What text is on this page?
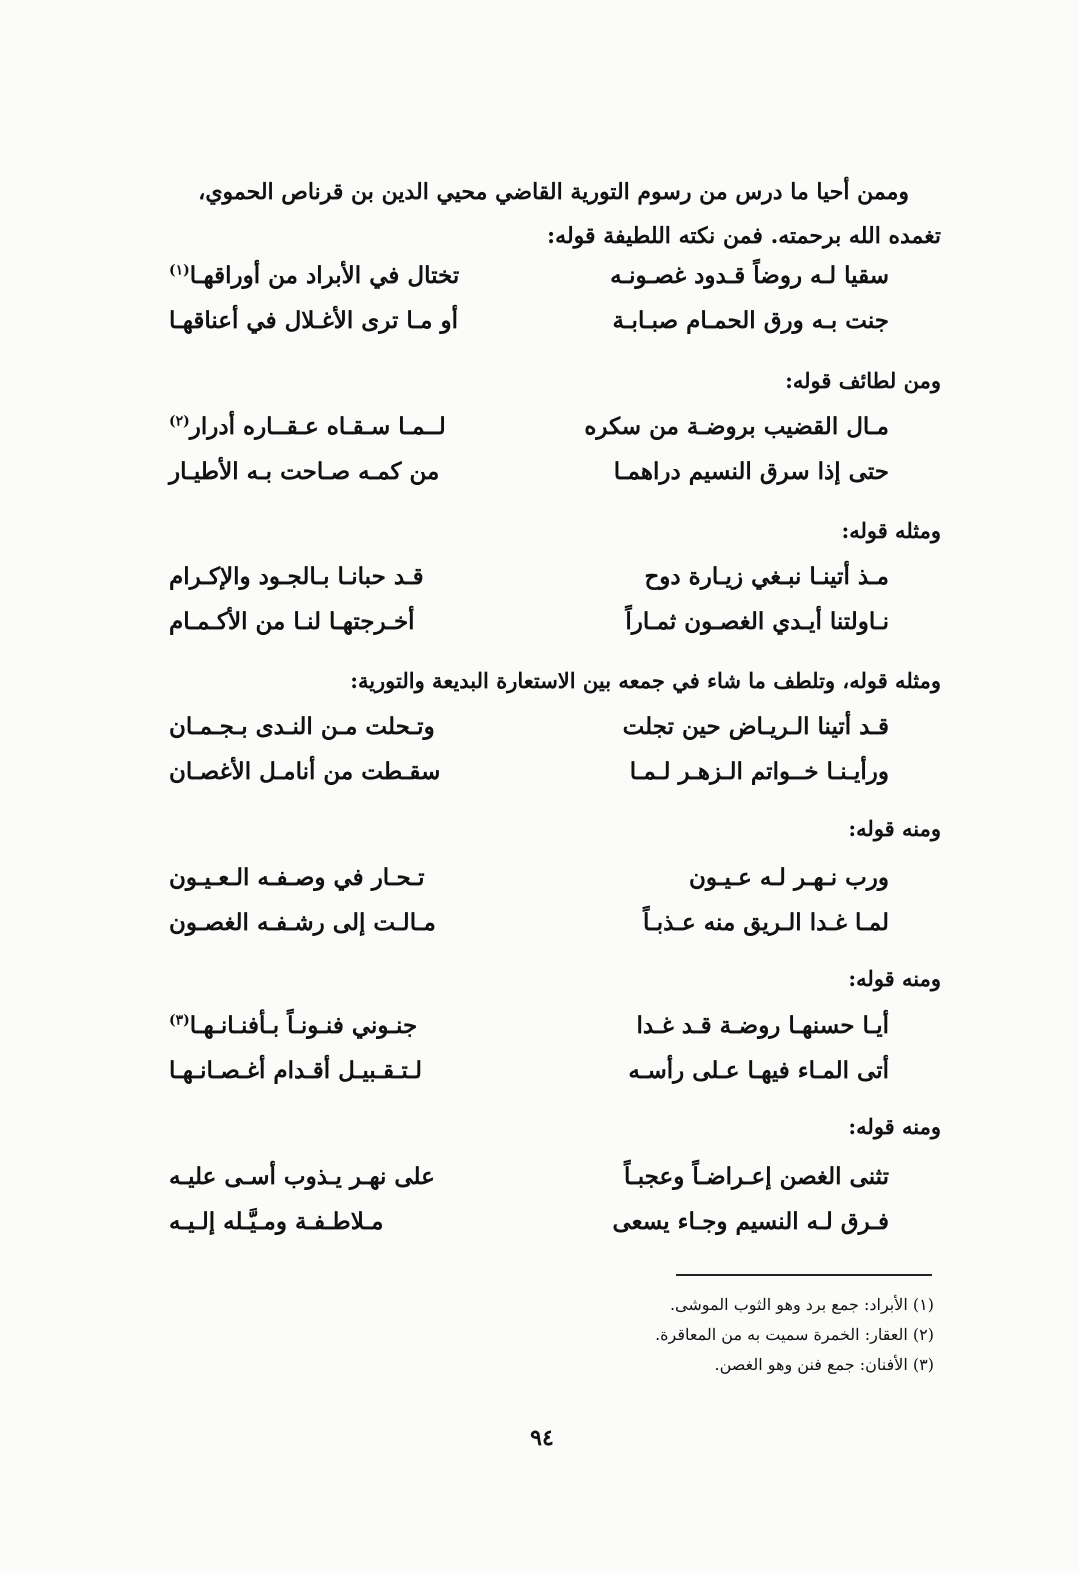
وممن أحيا ما درس من رسوم التورية القاضي محيي الدين بن قرناص الحموي،
تغمده الله برحمته. فمن نكته اللطيفة قوله:
سقيا لـه روضاً قـدود غصـونـه
تختال في الأبراد من أوراقهـا$^{(١)}$
جنت بـه ورق الحمـام صبـابـة
أو مـا ترى الأغـلال في أعناقهـا
ومن لطائف قوله:
مـال القضيب بروضـة من سكره
لــمـا سـقـاه عـقــاره أدرار$^{(٢)}$
حتى إذا سرق النسيم دراهمـا
من كمـه صـاحت بـه الأطيـار
ومثله قوله:
مـذ أتينـا نبـغي زيـارة دوح
قـد حبانـا بـالجـود والإكـرام
نـاولتنا أيـدي الغصـون ثمـاراً
أخـرجتهـا لنـا من الأكـمـام
ومثله قوله، وتلطف ما شاء في جمعه بين الاستعارة البديعة والتورية:
قـد أتينا الـريـاض حين تجلت
وتـحلت مـن النـدى بـجـمـان
ورأيـنـا خــواتم الـزهـر لـمـا
سقـطت من أنامـل الأغصـان
ومنه قوله:
ورب نـهـر لـه عـيـون
تـحـار في وصـفـه الـعـيـون
لمـا غـدا الـريق منه عـذبـاً
مـالـت إلى رشـفـه الغصـون
ومنه قوله:
أيـا حسنهـا روضـة قـد غـدا
جنـوني فنـونـاً بـأفنـانـهـا$^{(٣)}$
أتى المـاء فيهـا عـلى رأسـه
لـتـقـبيـل أقـدام أغـصـانـهـا
ومنه قوله:
تثنى الغصن إعـراضـاً وعجبـاً
على نهـر يـذوب أسـى عليـه
فـرق لـه النسيم وجـاء يسعى
مـلاطـفـة ومـيَّـله إلـيـه
(١) الأبراد: جمع برد وهو الثوب الموشى.
(٢) العقار: الخمرة سميت به من المعاقرة.
(٣) الأفنان: جمع فنن وهو الغصن.
٩٤
